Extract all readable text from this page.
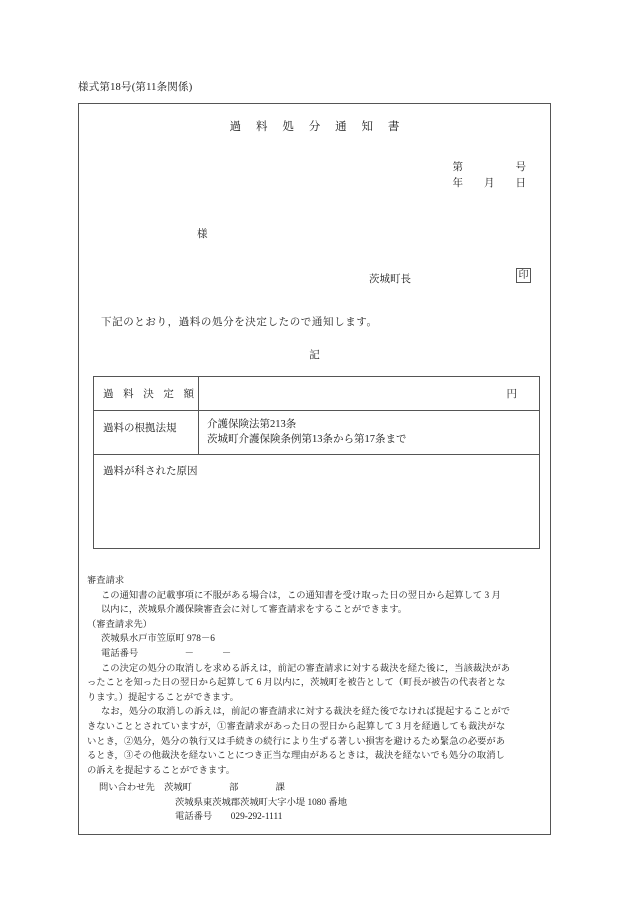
様式第18号(第11条関係)
過 料 処 分 通 知 書
第　　　　　号
年　　月　　日
様
茨城町長	印
下記のとおり，過料の処分を決定したので通知します。
記
過 料 決 定 額	円

過料の根拠法規	介護保険法第213条
茨城町介護保険条例第13条から第17条まで

過料が科された原因	
審査請求

この通知書の記載事項に不服がある場合は，この通知書を受け取った日の翌日から起算して 3 月

以内に，茨城県介護保険審査会に対して審査請求をすることができます。

（審査請求先）

茨城県水戸市笠原町 978－6

電話番号　　　　　－　　　－

この決定の処分の取消しを求める訴えは，前記の審査請求に対する裁決を経た後に，当該裁決があ

ったことを知った日の翌日から起算して 6 月以内に，茨城町を被告として（町長が被告の代表者とな

ります。）提起することができます。

なお，処分の取消しの訴えは，前記の審査請求に対する裁決を経た後でなければ提起することがで

きないこととされていますが，①審査請求があった日の翌日から起算して 3 月を経過しても裁決がな

いとき，②処分，処分の執行又は手続きの続行により生ずる著しい損害を避けるため緊急の必要があ

るとき，③その他裁決を経ないことにつき正当な理由があるときは，裁決を経ないでも処分の取消し

の訴えを提起することができます。

問い合わせ先　茨城町　　　　部　　　　課
茨城県東茨城郡茨城町大字小堤 1080 番地
電話番号　　029-292-1111
